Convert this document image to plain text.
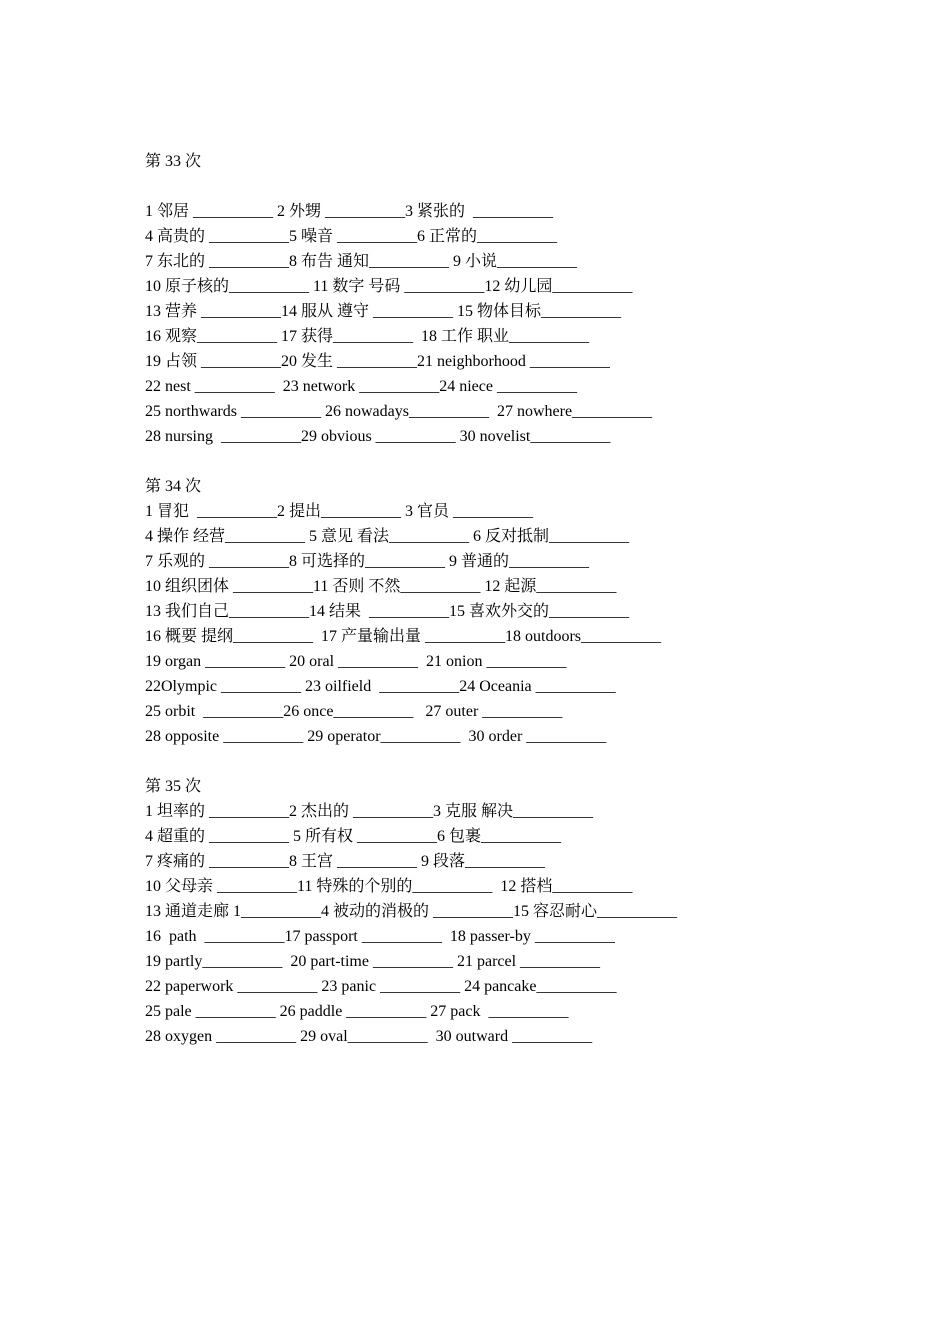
第 33 次
1 邻居 __________ 2 外甥 __________3 紧张的  __________
4 高贵的 __________5 噪音 __________6 正常的__________
7 东北的 __________8 布告 通知__________ 9 小说__________
10 原子核的__________ 11 数字 号码 __________12 幼儿园__________
13 营养 __________14 服从 遵守 __________ 15 物体目标__________
16 观察__________ 17 获得__________  18 工作 职业__________
19 占领 __________20 发生 __________21 neighborhood __________
22 nest __________  23 network __________24 niece __________
25 northwards __________ 26 nowadays__________  27 nowhere__________
28 nursing  __________29 obvious __________ 30 novelist__________
第 34 次
1 冒犯  __________2 提出__________ 3 官员 __________
4 操作 经营__________ 5 意见 看法__________ 6 反对抵制__________
7 乐观的 __________8 可选择的__________ 9 普通的__________
10 组织团体 __________11 否则 不然__________ 12 起源__________
13 我们自己__________14 结果  __________15 喜欢外交的__________
16 概要 提纲__________  17 产量输出量 __________18 outdoors__________
19 organ __________ 20 oral __________  21 onion __________
22Olympic __________ 23 oilfield  __________24 Oceania __________
25 orbit  __________26 once__________   27 outer __________
28 opposite __________ 29 operator__________  30 order __________
第 35 次
1 坦率的 __________2 杰出的 __________3 克服 解决__________
4 超重的 __________ 5 所有权 __________6 包裹__________
7 疼痛的 __________8 王宫 __________ 9 段落__________
10 父母亲 __________11 特殊的个别的__________  12 搭档__________
13 通道走廊 1__________4 被动的消极的 __________15 容忍耐心__________
16  path  __________17 passport __________  18 passer-by __________
19 partly__________  20 part-time __________ 21 parcel __________
22 paperwork __________ 23 panic __________ 24 pancake__________
25 pale __________ 26 paddle __________ 27 pack  __________
28 oxygen __________ 29 oval__________  30 outward __________
